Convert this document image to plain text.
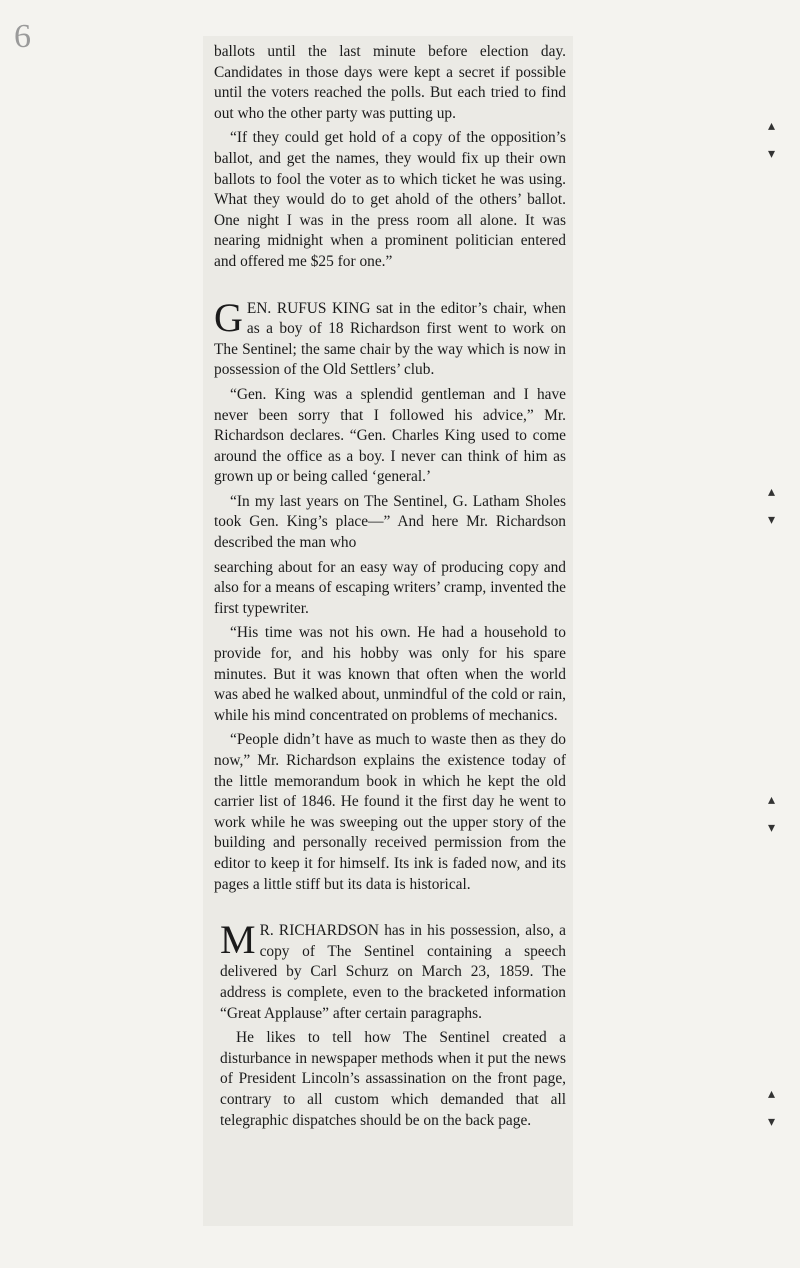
6	ballots until the last minute before election day. Candidates in those days were kept a secret if possible until the voters reached the polls. But each tried to find out who the other party was putting up.

“If they could get hold of a copy of the opposition’s ballot, and get the names, they would fix up their own ballots to fool the voter as to which ticket he was using. What they would do to get ahold of the others’ ballot. One night I was in the press room all alone. It was nearing midnight when a prominent politician entered and offered me $25 for one.”

G EN. RUFUS KING sat in the editor’s chair, when as a boy of 18 Richardson first went to work on The Sentinel; the same chair by the way which is now in possession of the Old Settlers’ club.

“Gen. King was a splendid gentleman and I have never been sorry that I followed his advice,” Mr. Richardson declares. “Gen. Charles King used to come around the office as a boy. I never can think of him as grown up or being called ‘general.’

“In my last years on The Sentinel, G. Latham Sholes took Gen. King’s place—” And here Mr. Richardson described the man who

searching about for an easy way of producing copy and also for a means of escaping writers’ cramp, invented the first typewriter.

“His time was not his own. He had a household to provide for, and his hobby was only for his spare minutes. But it was known that often when the world was abed he walked about, unmindful of the cold or rain, while his mind concentrated on problems of mechanics.

“People didn’t have as much to waste then as they do now,” Mr. Richardson explains the existence today of the little memorandum book in which he kept the old carrier list of 1846. He found it the first day he went to work while he was sweeping out the upper story of the building and personally received permission from the editor to keep it for himself. Its ink is faded now, and its pages a little stiff but its data is historical.

M R. RICHARDSON has in his possession, also, a copy of The Sentinel containing a speech delivered by Carl Schurz on March 23, 1859. The address is complete, even to the bracketed information “Great Applause” after certain paragraphs.

He likes to tell how The Sentinel created a disturbance in newspaper methods when it put the news of President Lincoln’s assassination on the front page, contrary to all custom which demanded that all telegraphic dispatches should be on the back page.

▴
▾
▴
▾
▴
▾
▴
▾
